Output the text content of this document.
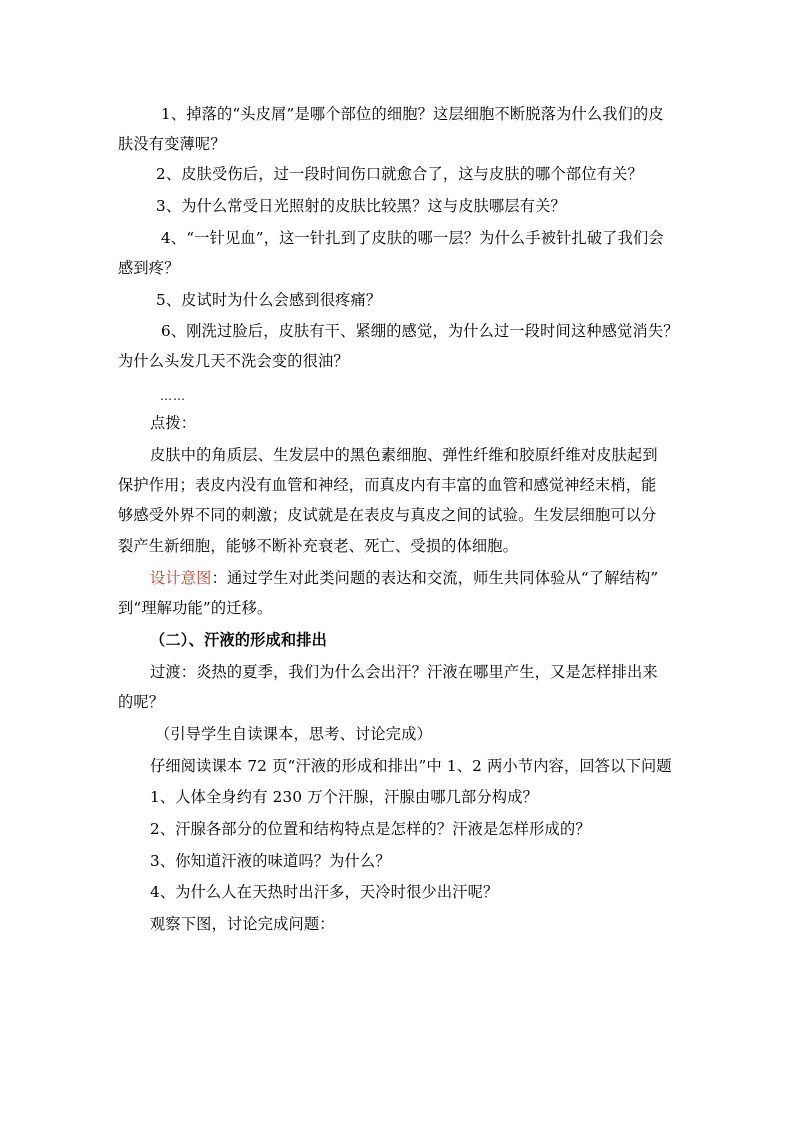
1、掉落的“头皮屑”是哪个部位的细胞？这层细胞不断脱落为什么我们的皮
肤没有变薄呢？
2、皮肤受伤后，过一段时间伤口就愈合了，这与皮肤的哪个部位有关？
3、为什么常受日光照射的皮肤比较黑？这与皮肤哪层有关？
4、“一针见血”，这一针扎到了皮肤的哪一层？为什么手被针扎破了我们会
感到疼？
5、皮试时为什么会感到很疼痛？
6、刚洗过脸后，皮肤有干、紧绷的感觉，为什么过一段时间这种感觉消失？
为什么头发几天不洗会变的很油？
……
点拨：
皮肤中的角质层、生发层中的黑色素细胞、弹性纤维和胶原纤维对皮肤起到
保护作用；表皮内没有血管和神经，而真皮内有丰富的血管和感觉神经末梢，能
够感受外界不同的刺激；皮试就是在表皮与真皮之间的试验。生发层细胞可以分
裂产生新细胞，能够不断补充衰老、死亡、受损的体细胞。
设计意图：通过学生对此类问题的表达和交流，师生共同体验从“了解结构”
到“理解功能”的迁移。
（二）、汗液的形成和排出
过渡：炎热的夏季，我们为什么会出汗？汗液在哪里产生，又是怎样排出来
的呢？
（引导学生自读课本，思考、讨论完成）
仔细阅读课本 72 页“汗液的形成和排出”中 1、2 两小节内容，回答以下问题
1、人体全身约有 230 万个汗腺，汗腺由哪几部分构成？
2、汗腺各部分的位置和结构特点是怎样的？汗液是怎样形成的？
3、你知道汗液的味道吗？为什么？
4、为什么人在天热时出汗多，天冷时很少出汗呢？
观察下图，讨论完成问题：
